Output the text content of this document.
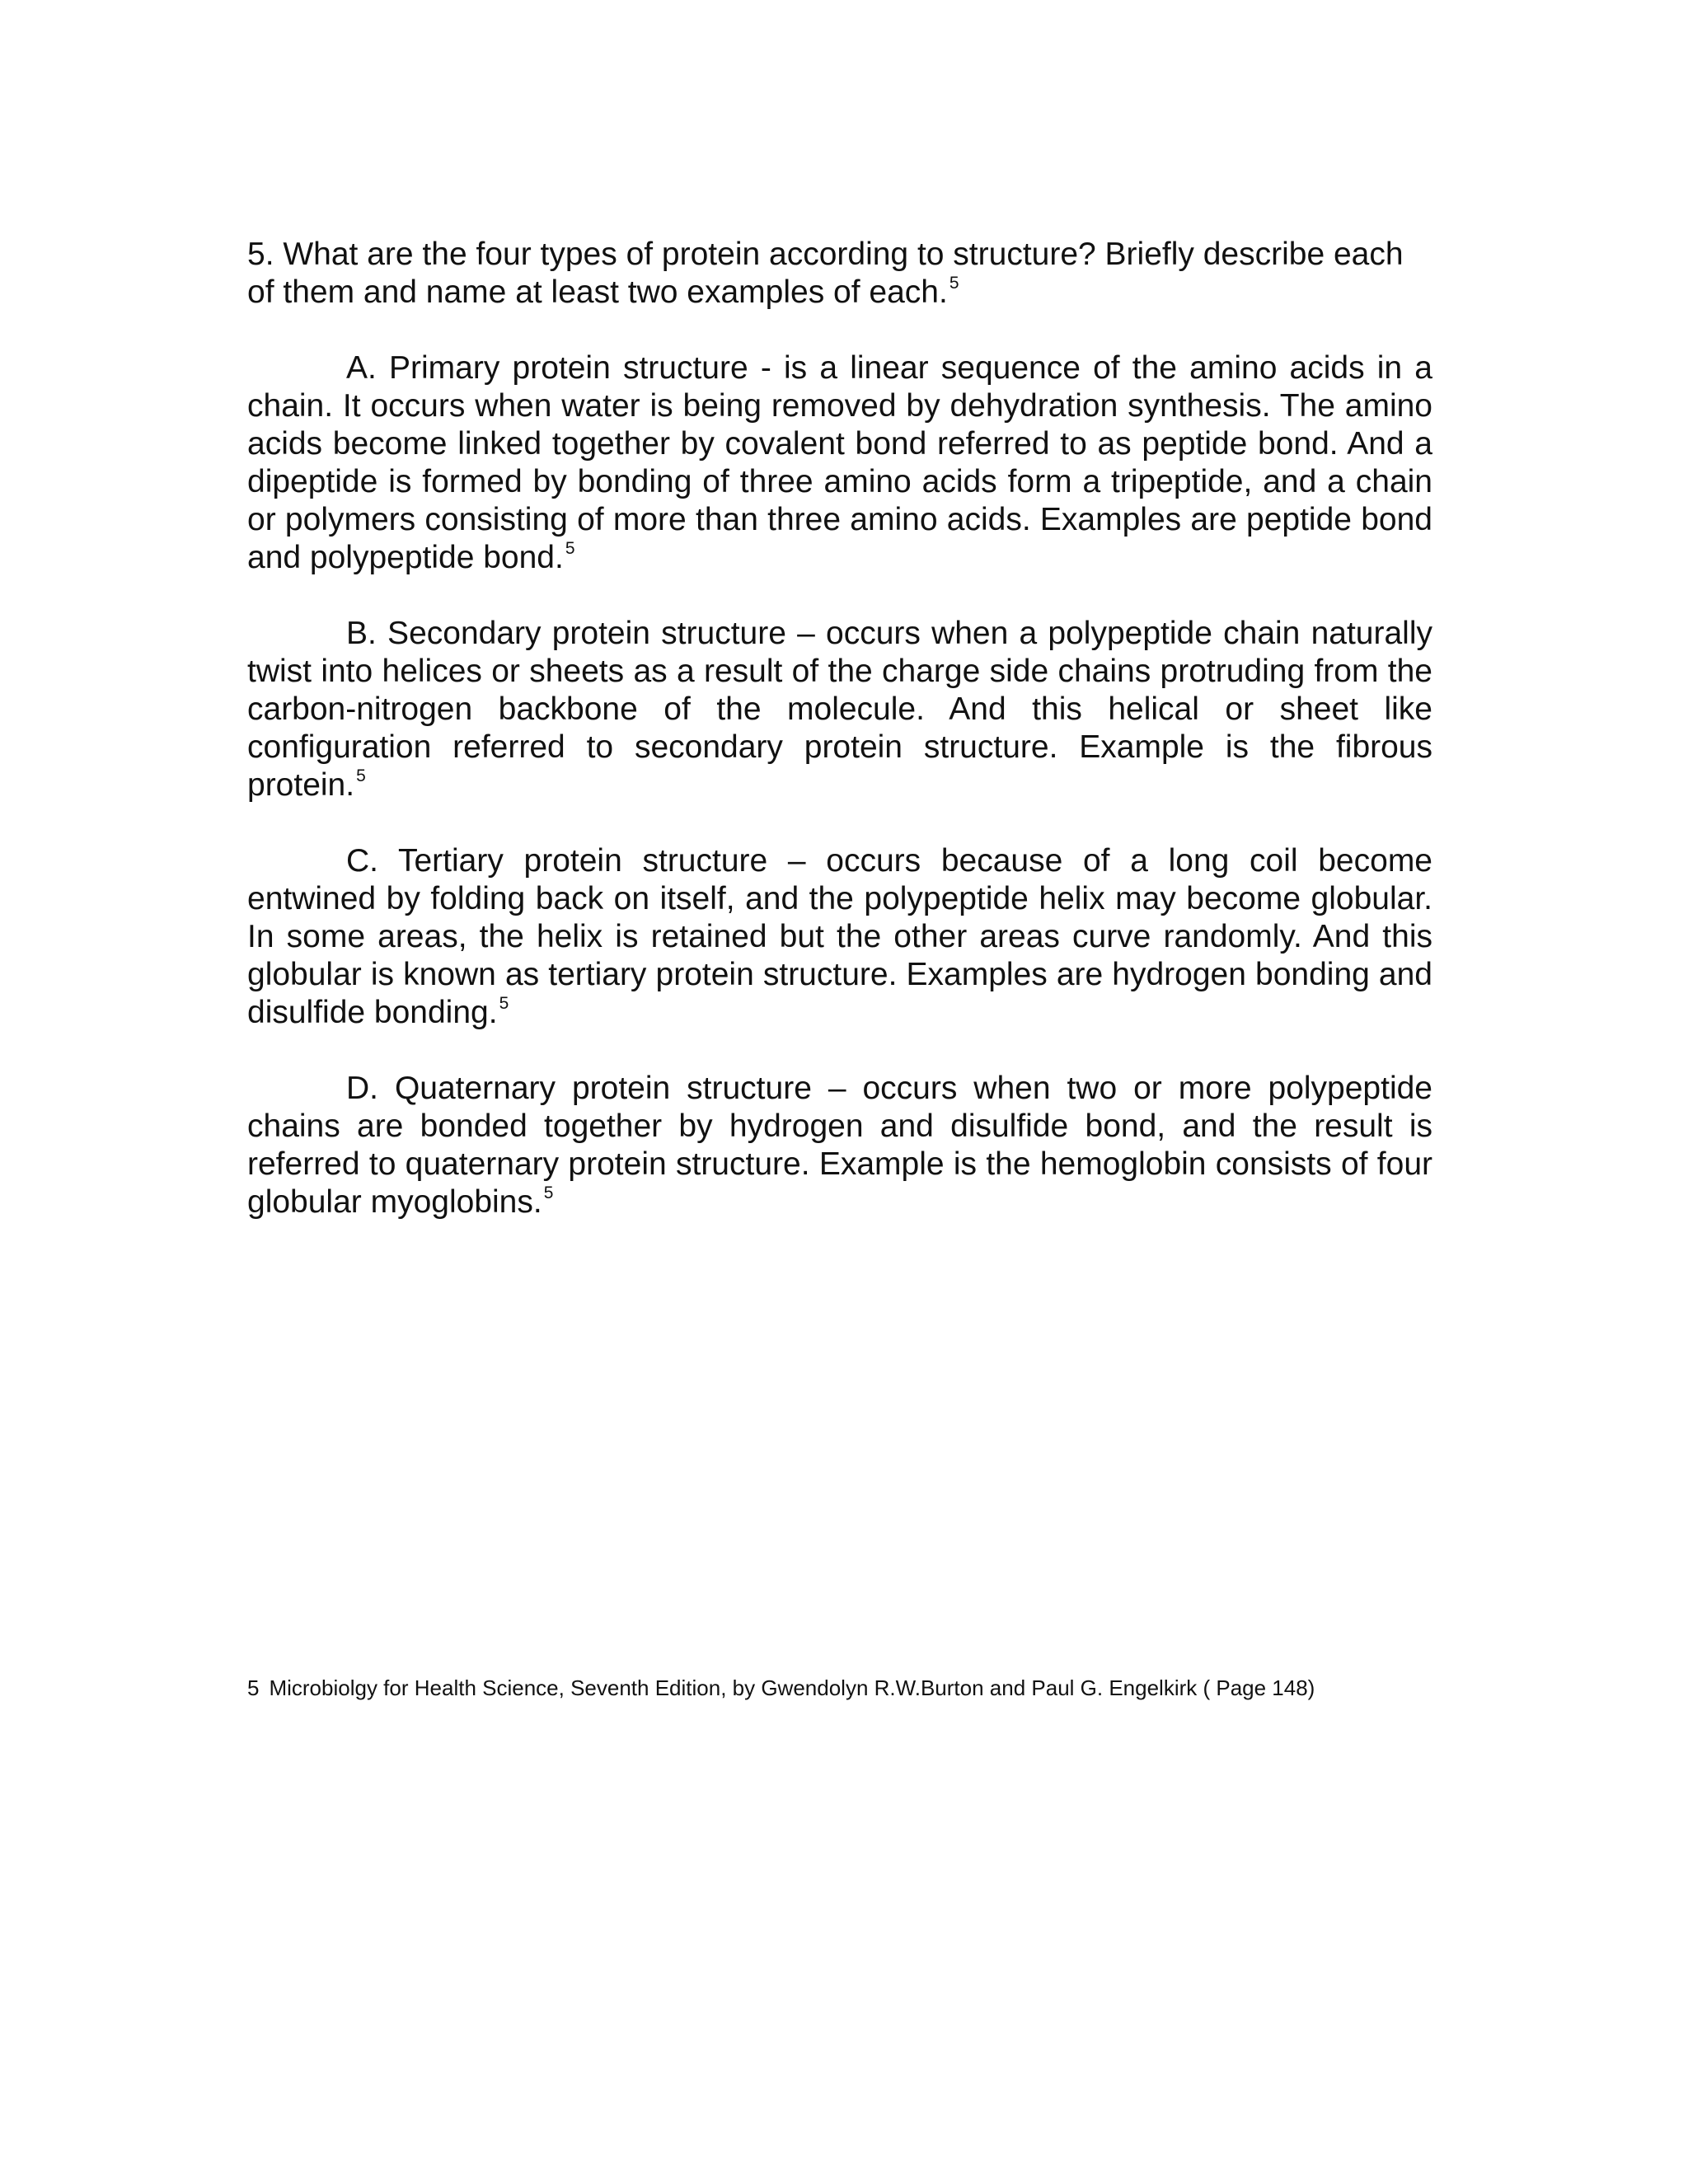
5. What are the four types of protein according to structure? Briefly describe each of them and name at least two examples of each.$^5$

A. Primary protein structure - is a linear sequence of the amino acids in a chain. It occurs when water is being removed by dehydration synthesis. The amino acids become linked together by covalent bond referred to as peptide bond. And a dipeptide is formed by bonding of three amino acids form a tripeptide, and a chain or polymers consisting of more than three amino acids. Examples are peptide bond and polypeptide bond.$^5$

B. Secondary protein structure – occurs when a polypeptide chain naturally twist into helices or sheets as a result of the charge side chains protruding from the carbon-nitrogen backbone of the molecule. And this helical or sheet like configuration referred to secondary protein structure. Example is the fibrous protein.$^5$

C. Tertiary protein structure – occurs because of a long coil become entwined by folding back on itself, and the polypeptide helix may become globular. In some areas, the helix is retained but the other areas curve randomly. And this globular is known as tertiary protein structure. Examples are hydrogen bonding and disulfide bonding.$^5$

D. Quaternary protein structure – occurs when two or more polypeptide chains are bonded together by hydrogen and disulfide bond, and the result is referred to quaternary protein structure. Example is the hemoglobin consists of four globular myoglobins.$^5$

5 Microbiolgy for Health Science, Seventh Edition, by Gwendolyn R.W.Burton and Paul G. Engelkirk ( Page 148)
